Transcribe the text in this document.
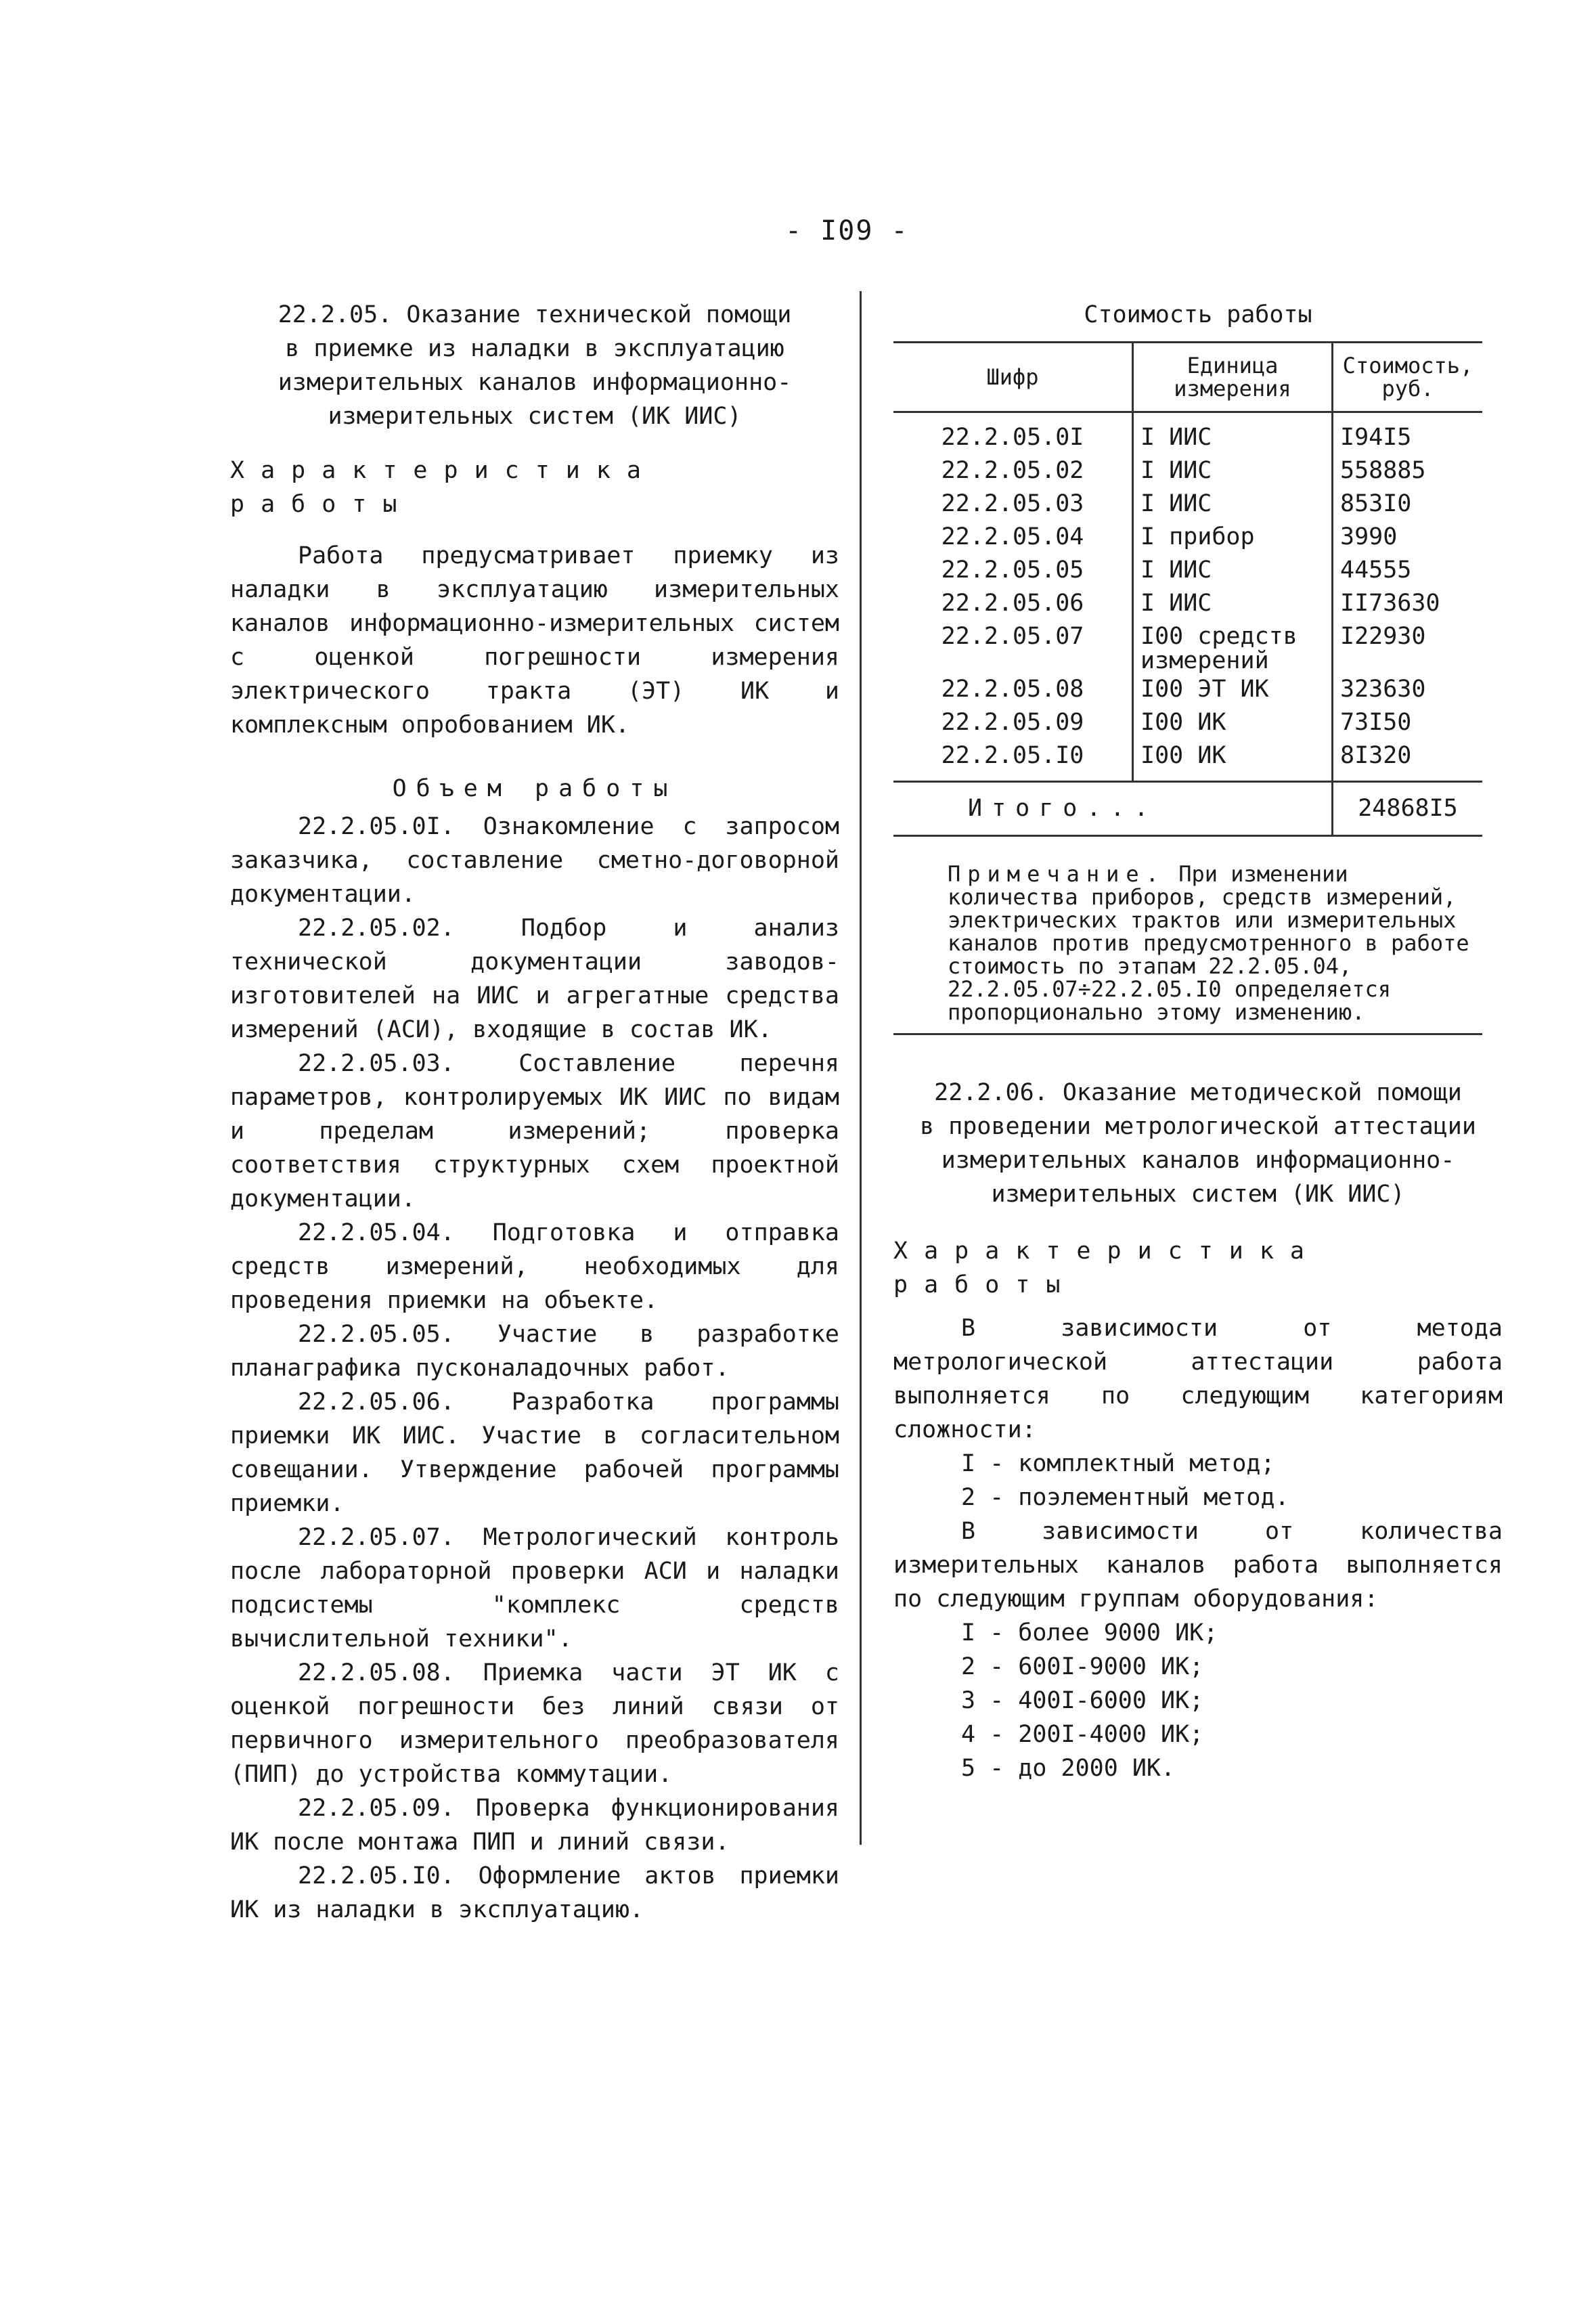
- I09 -
22.2.05. Оказание технической помощи
в приемке из наладки в эксплуатацию
измерительных каналов информационно-
измерительных систем (ИК ИИС)
Характеристика работы

Работа предусматривает приемку из наладки в эксплуатацию измерительных каналов информационно-измерительных систем с оценкой погрешности измерения электрического тракта (ЭТ) ИК и комплексным опробованием ИК.

Объем работы

22.2.05.0I. Ознакомление с запросом заказчика, составление сметно-договорной документации.

22.2.05.02. Подбор и анализ технической документации заводов-изготовителей на ИИС и агрегатные средства измерений (АСИ), входящие в состав ИК.

22.2.05.03. Составление перечня параметров, контролируемых ИК ИИС по видам и пределам измерений; проверка соответствия структурных схем проектной документации.

22.2.05.04. Подготовка и отправка средств измерений, необходимых для проведения приемки на объекте.

22.2.05.05. Участие в разработке планаграфика пусконаладочных работ.

22.2.05.06. Разработка программы приемки ИК ИИС. Участие в согласительном совещании. Утверждение рабочей программы приемки.

22.2.05.07. Метрологический контроль после лабораторной проверки АСИ и наладки подсистемы "комплекс средств вычислительной техники".

22.2.05.08. Приемка части ЭТ ИК с оценкой погрешности без линий связи от первичного измерительного преобразователя (ПИП) до устройства коммутации.

22.2.05.09. Проверка функционирования ИК после монтажа ПИП и линий связи.

22.2.05.I0. Оформление актов приемки ИК из наладки в эксплуатацию.

Стоимость работы
Шифр	Единица измерения	Стоимость, руб.
22.2.05.0I	I ИИС	I94I5
22.2.05.02	I ИИС	558885
22.2.05.03	I ИИС	853I0
22.2.05.04	I прибор	3990
22.2.05.05	I ИИС	44555
22.2.05.06	I ИИС	II73630
22.2.05.07	I00 средств измерений	I22930
22.2.05.08	I00 ЭТ ИК	323630
22.2.05.09	I00 ИК	73I50
22.2.05.I0	I00 ИК	8I320
Итого...		24868I5
Примечание. При изменении количества приборов, средств измерений, электрических трактов или измерительных каналов против предусмотренного в работе стоимость по этапам 22.2.05.04, 22.2.05.07÷22.2.05.I0 определяется пропорционально этому изменению.
22.2.06. Оказание методической помощи
в проведении метрологической аттестации
измерительных каналов информационно-
измерительных систем (ИК ИИС)
Характеристика работы

В зависимости от метода метрологической аттестации работа выполняется по следующим категориям сложности:

I - комплектный метод;
2 - поэлементный метод.

В зависимости от количества измерительных каналов работа выполняется по следующим группам оборудования:

I - более 9000 ИК;
2 - 600I-9000 ИК;
3 - 400I-6000 ИК;
4 - 200I-4000 ИК;
5 - до 2000 ИК.
